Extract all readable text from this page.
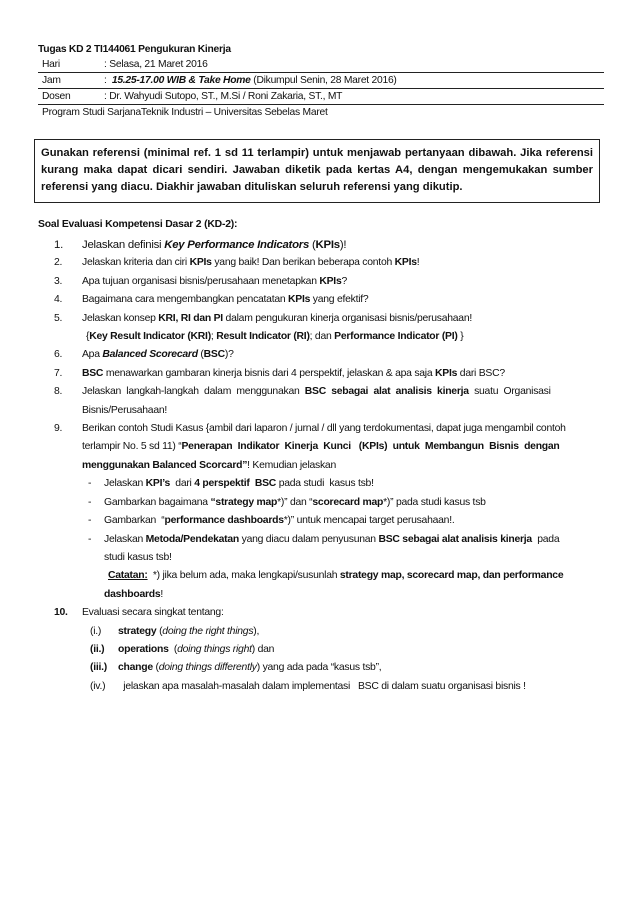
Tugas KD 2 TI144061 Pengukuran Kinerja
Hari	: Selasa, 21 Maret 2016
Jam	:  15.25-17.00 WIB & Take Home (Dikumpul Senin, 28 Maret 2016)
Dosen	: Dr. Wahyudi Sutopo, ST., M.Si / Roni Zakaria, ST., MT
Program Studi SarjanaTeknik Industri – Universitas Sebelas Maret
Gunakan referensi (minimal ref. 1 sd 11 terlampir) untuk menjawab pertanyaan dibawah. Jika referensi kurang maka dapat dicari sendiri. Jawaban diketik pada kertas A4, dengan mengemukakan sumber referensi yang diacu. Diakhir jawaban dituliskan seluruh referensi yang dikutip.
Soal Evaluasi Kompetensi Dasar 2 (KD-2):
1.	Jelaskan definisi Key Performance Indicators (KPIs)!
2.	Jelaskan kriteria dan ciri KPIs yang baik! Dan berikan beberapa contoh KPIs!
3.	Apa tujuan organisasi bisnis/perusahaan menetapkan KPIs?
4.	Bagaimana cara mengembangkan pencatatan KPIs yang efektif?
5.	Jelaskan konsep KRI, RI dan PI dalam pengukuran kinerja organisasi bisnis/perusahaan!
{Key Result Indicator (KRI); Result Indicator (RI); dan Performance Indicator (PI) }
6.	Apa Balanced Scorecard (BSC)?
7.	BSC menawarkan gambaran kinerja bisnis dari 4 perspektif, jelaskan & apa saja KPIs dari BSC?
8.	Jelaskan  langkah-langkah  dalam  menggunakan  BSC  sebagai  alat  analisis  kinerja  suatu  Organisasi
Bisnis/Perusahaan!
9.	Berikan contoh Studi Kasus {ambil dari laparon / jurnal / dll yang terdokumentasi, dapat juga mengambil contoh
terlampir No. 5 sd 11) “Penerapan  Indikator  Kinerja  Kunci   (KPIs)  untuk  Membangun  Bisnis  dengan
menggunakan Balanced Scorcard”! Kemudian jelaskan
-	Jelaskan KPI’s  dari 4 perspektif  BSC pada studi  kasus tsb!
-	Gambarkan bagaimana “strategy map*)” dan “scorecard map*)” pada studi kasus tsb
-	Gambarkan  “performance dashboards*)” untuk mencapai target perusahaan!.
-	Jelaskan Metoda/Pendekatan yang diacu dalam penyusunan BSC sebagai alat analisis kinerja  pada
studi kasus tsb!
Catatan:  *) jika belum ada, maka lengkapi/susunlah strategy map, scorecard map, dan performance
dashboards!
10.	Evaluasi secara singkat tentang:
(i.)	strategy (doing the right things),
(ii.)	operations  (doing things right) dan
(iii.)	change (doing things differently) yang ada pada “kasus tsb”,
(iv.)	jelaskan apa masalah-masalah dalam implementasi   BSC di dalam suatu organisasi bisnis !
